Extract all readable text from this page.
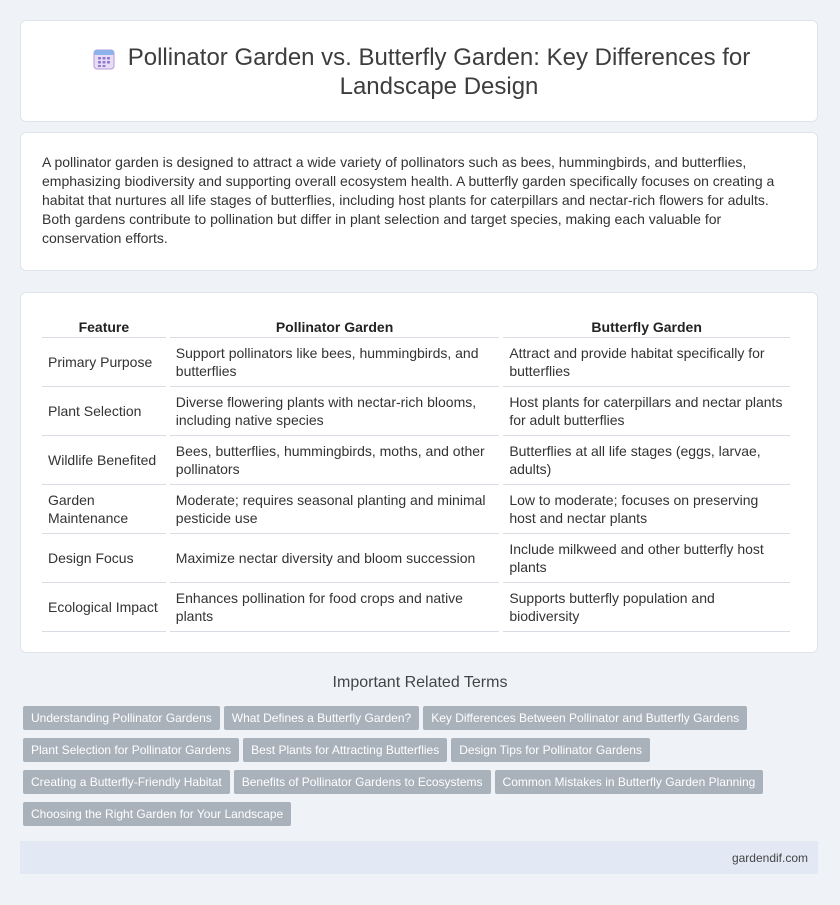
Pollinator Garden vs. Butterfly Garden: Key Differences for Landscape Design
A pollinator garden is designed to attract a wide variety of pollinators such as bees, hummingbirds, and butterflies, emphasizing biodiversity and supporting overall ecosystem health. A butterfly garden specifically focuses on creating a habitat that nurtures all life stages of butterflies, including host plants for caterpillars and nectar-rich flowers for adults. Both gardens contribute to pollination but differ in plant selection and target species, making each valuable for conservation efforts.
Feature	Pollinator Garden	Butterfly Garden
Primary Purpose	Support pollinators like bees, hummingbirds, and butterflies	Attract and provide habitat specifically for butterflies
Plant Selection	Diverse flowering plants with nectar-rich blooms, including native species	Host plants for caterpillars and nectar plants for adult butterflies
Wildlife Benefited	Bees, butterflies, hummingbirds, moths, and other pollinators	Butterflies at all life stages (eggs, larvae, adults)
Garden Maintenance	Moderate; requires seasonal planting and minimal pesticide use	Low to moderate; focuses on preserving host and nectar plants
Design Focus	Maximize nectar diversity and bloom succession	Include milkweed and other butterfly host plants
Ecological Impact	Enhances pollination for food crops and native plants	Supports butterfly population and biodiversity
Important Related Terms
Understanding Pollinator Gardens What Defines a Butterfly Garden? Key Differences Between Pollinator and Butterfly Gardens
Plant Selection for Pollinator Gardens Best Plants for Attracting Butterflies Design Tips for Pollinator Gardens
Creating a Butterfly-Friendly Habitat Benefits of Pollinator Gardens to Ecosystems Common Mistakes in Butterfly Garden Planning
Choosing the Right Garden for Your Landscape
gardendif.com
